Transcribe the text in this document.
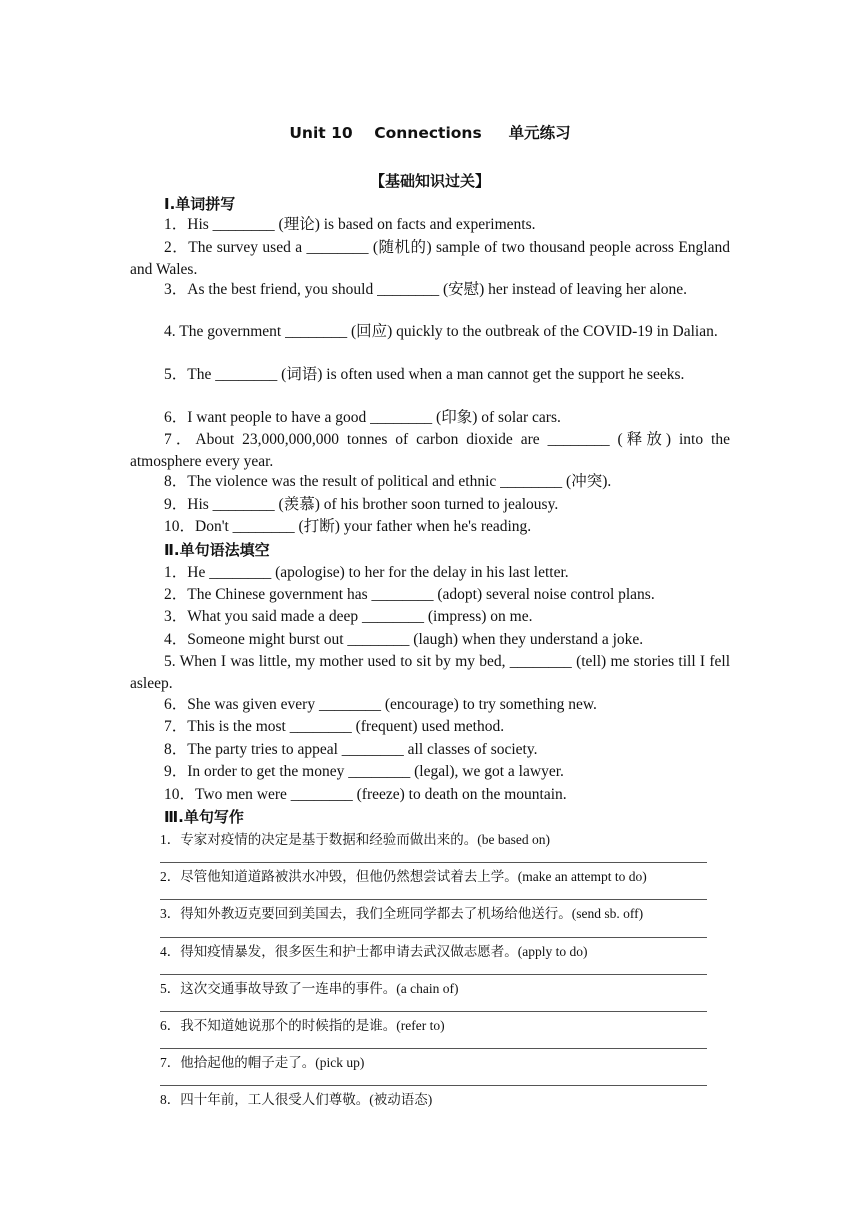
Unit 10    Connections     单元练习
【基础知识过关】
Ⅰ.单词拼写
1．His ________ (理论) is based on facts and experiments.
2．The survey used a ________ (随机的) sample of two thousand people across England and Wales.
3．As the best friend, you should ________ (安慰) her instead of leaving her alone.
4. The government ________ (回应) quickly to the outbreak of the COVID-19 in Dalian.
5．The ________ (词语) is often used when a man cannot get the support he seeks.
6．I want people to have a good ________ (印象) of solar cars.
7．About 23,000,000,000 tonnes of carbon dioxide are ________ (释放) into the atmosphere every year.
8．The violence was the result of political and ethnic ________ (冲突).
9．His ________ (羡慕) of his brother soon turned to jealousy.
10．Don't ________ (打断) your father when he's reading.
Ⅱ.单句语法填空
1．He ________ (apologise) to her for the delay in his last letter.
2．The Chinese government has ________ (adopt) several noise control plans.
3．What you said made a deep ________ (impress) on me.
4．Someone might burst out ________ (laugh) when they understand a joke.
5. When I was little, my mother used to sit by my bed, ________ (tell) me stories till I fell asleep.
6．She was given every ________ (encourage) to try something new.
7．This is the most ________ (frequent) used method.
8．The party tries to appeal ________ all classes of society.
9．In order to get the money ________ (legal), we got a lawyer.
10．Two men were ________ (freeze) to death on the mountain.
Ⅲ.单句写作
1．专家对疫情的决定是基于数据和经验而做出来的。(be based on)
2．尽管他知道道路被洪水冲毁，但他仍然想尝试着去上学。(make an attempt to do)
3．得知外教迈克要回到美国去，我们全班同学都去了机场给他送行。(send sb. off)
4．得知疫情暴发，很多医生和护士都申请去武汉做志愿者。(apply to do)
5．这次交通事故导致了一连串的事件。(a chain of)
6．我不知道她说那个的时候指的是谁。(refer to)
7．他拾起他的帽子走了。(pick up)
8．四十年前，工人很受人们尊敬。(被动语态)
